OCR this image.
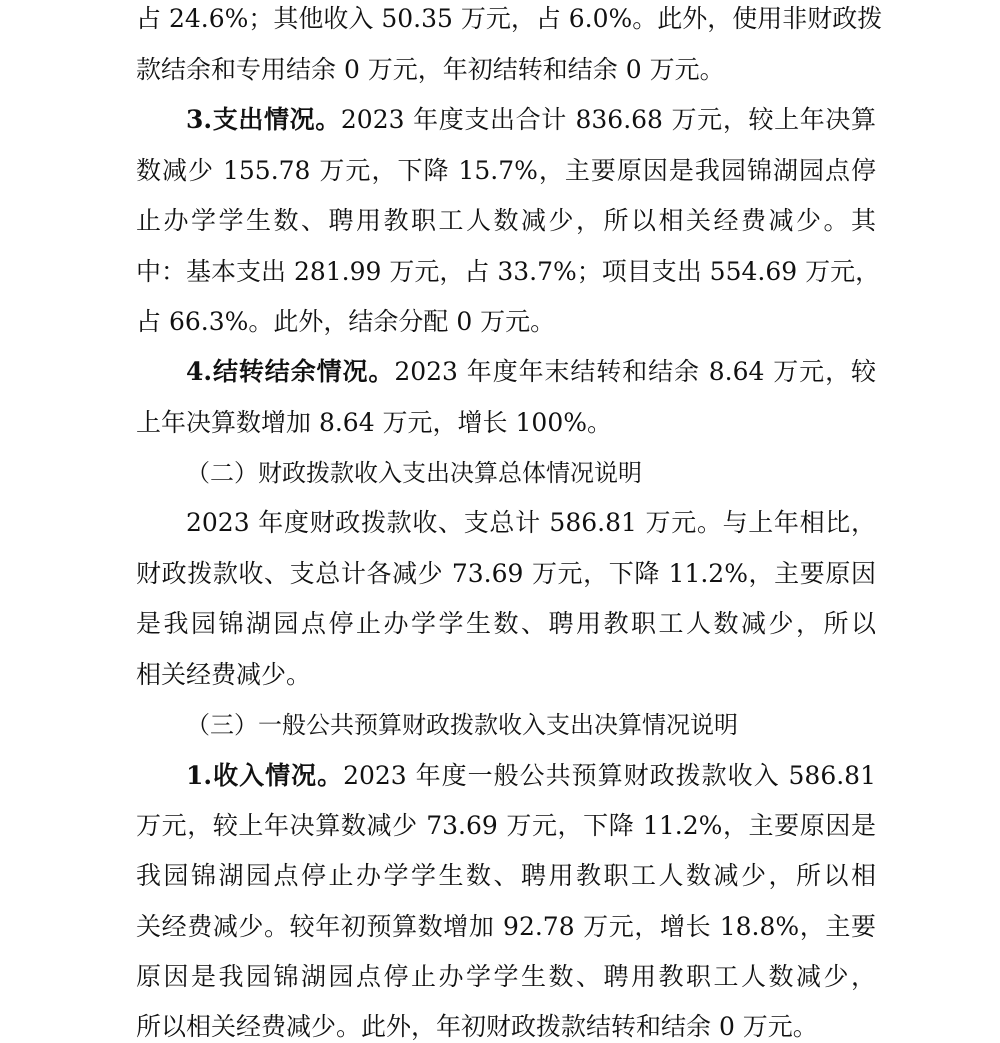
占 24.6%；其他收入 50.35 万元，占 6.0%。此外，使用非财政拨
款结余和专用结余 0 万元，年初结转和结余 0 万元。
3.支出情况。2023 年度支出合计 836.68 万元，较上年决算
数减少 155.78 万元，下降 15.7%，主要原因是我园锦湖园点停
止办学学生数、聘用教职工人数减少，所以相关经费减少。其
中：基本支出 281.99 万元，占 33.7%；项目支出 554.69 万元，
占 66.3%。此外，结余分配 0 万元。
4.结转结余情况。2023 年度年末结转和结余 8.64 万元，较
上年决算数增加 8.64 万元，增长 100%。
（二）财政拨款收入支出决算总体情况说明
2023 年度财政拨款收、支总计 586.81 万元。与上年相比，
财政拨款收、支总计各减少 73.69 万元，下降 11.2%，主要原因
是我园锦湖园点停止办学学生数、聘用教职工人数减少，所以
相关经费减少。
（三）一般公共预算财政拨款收入支出决算情况说明
1.收入情况。2023 年度一般公共预算财政拨款收入 586.81
万元，较上年决算数减少 73.69 万元，下降 11.2%，主要原因是
我园锦湖园点停止办学学生数、聘用教职工人数减少，所以相
关经费减少。较年初预算数增加 92.78 万元，增长 18.8%，主要
原因是我园锦湖园点停止办学学生数、聘用教职工人数减少，
所以相关经费减少。此外，年初财政拨款结转和结余 0 万元。
